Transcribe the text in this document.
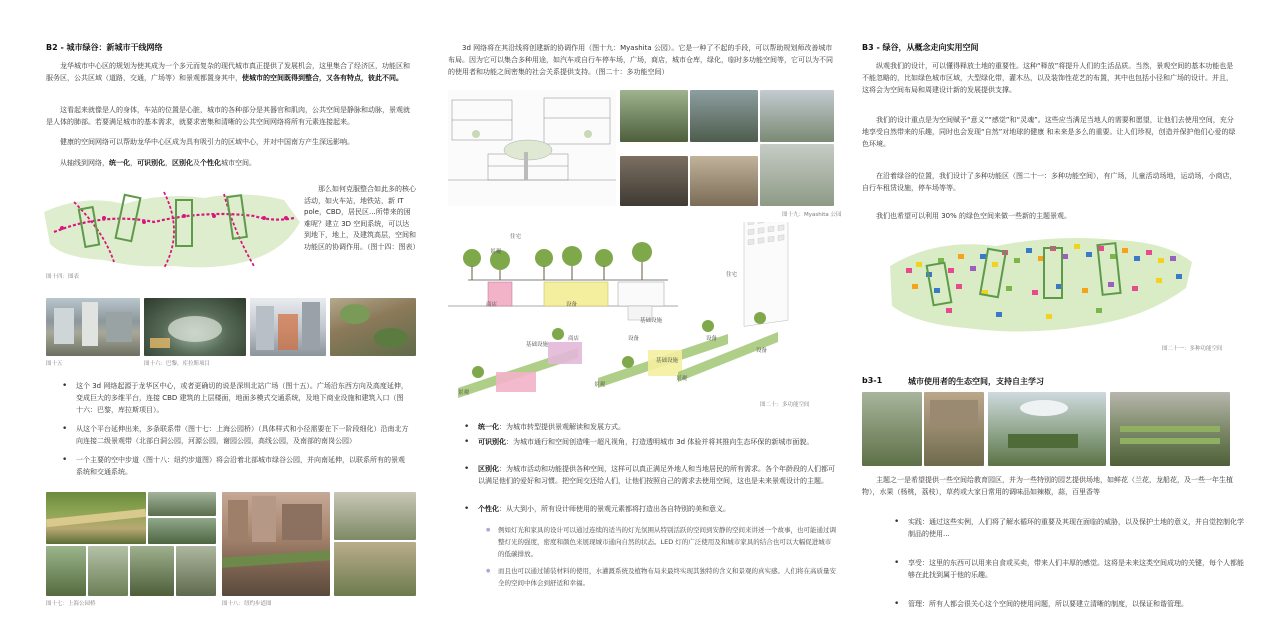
B2 - 城市绿谷：新城市干线网络
龙华城市中心区的规划为使其成为一个多元而复杂的现代城市真正提供了发展机会，这里集合了经济区，功能区和服务区，公共区域（道路，交通，广场等）和景观都置身其中，使城市的空间既得到整合，又各有特点，彼此不同。
这看起来就像是人的身体，车站的位置是心脏，城市的各种部分是其器官和肌肉，公共空间是静脉和动脉，景观就是人体的肺部。若要满足城市的基本需求，就要求密集和清晰的公共空间网络将所有元素连接起来。
健康的空间网络可以帮助龙华中心区成为具有吸引力的区域中心，并对中国南方产生深远影响。
从轴线到网络，统一化，可识别化，区别化及个性化城市空间。
图十四：图表
那么如何克服整合如此多的核心活动，如火车站，地铁站，新 IT pole，CBD，居民区...所带来的困难呢？建立 3D 空间系统，可以达到地下，地上，及建筑高层，空间和功能区的协调作用。（图十四：图表）
图十五	图十六：巴黎，库拉斯项目
• 这个 3d 网络起源于龙华区中心，或者更确切的说是深圳北站广场（图十五）。广场沿东西方向及高度延伸，变成巨大的多维平台，连接 CBD 建筑的上层楼面，地面多模式交通系统，及地下商业设施和建筑入口（图十六：巴黎，库拉斯项目）。
• 从这个平台延伸出来，多条联系带（图十七：上海公园桥）（具体样式和小径需要在下一阶段细化）沿南北方向连接二级景观带（北部白洞公园，河源公园，谢园公园，高线公园，及南部的南岗公园）
• 一个主要的空中步道（图十八：纽约步道图）将会沿着北部城市绿谷公园，并向南延伸，以联系所有的景观系统和交通系统。
图十七：上海公园桥	图十八：纽约步道图
3d 网络将在其沿线将创建新的协调作用（图十九：Myashita 公园）。它是一种了不起的手段，可以帮助规划师改善城市布局。因为它可以集合多种用途，如汽车或自行车停车场，广场，商店，城市仓库，绿化，临时多功能空间等，它可以为不同的使用者和功能之间密集的社会关系提供支持。（图二十：多功能空间）
图十九：Myashita 公园
住宅
景观
商店	设备
基础设施
住宅
商店	设备
基础设施
设备
基础设施
设备
景观
景观
景观
图二十：多功能空间
• 统一化：为城市转型提供景观解读和发展方式。
• 可识别化：为城市通行和空间创造唯一超凡视角，打造透明城市 3d 体验并将其推向生态环保的新城市面貌。
• 区别化：为城市活动和功能提供各种空间，这样可以真正满足外地人和当地居民的所有需求。各个年龄段的人们都可以满足他们的爱好和习惯。把空间交还给人们，让他们按照自己的需求去使用空间，这也是未来景观设计的主题。
• 个性化：从大到小，所有设计师使用的景观元素都将打造出各自特别的美和意义。
● 例如灯光和家具的设计可以通过连续的适当的灯光氛围从特别活跃的空间到安静的空间来讲述一个故事，也可能通过调整灯光的强度，密度和颜色来展现城市通向自然的状态。LED 灯的广泛使用及和城市家具的结合也可以大幅促进城市的低碳排放。
● 而且也可以通过铺装材料的使用，水灌溉系统及植物布局来最终实现其独特的含义和景观的真实感。人们将在高质量安全的空间中体会到舒适和幸福。
B3 - 绿谷，从概念走向实用空间
纵观我们的设计，可以懂得释放土地的重要性。这种“释放”将提升人们的生活品质。当然，景观空间的基本功能也是不能忽略的，比如绿色城市区域，大型绿化带，灌木丛，以及装饰性花艺的布置，其中也包括小径和广场的设计。并且，这将会为空间布局和周建设计新的发展提供支撑。
我们的设计重点是为空间赋予“意义”“感觉”和“灵魂”。这些应当满足当地人的需要和愿望，让他们去使用空间，充分地享受自然带来的乐趣，同时也会发现“自然”对地球的健康 和未来是多么的重要。让人们珍视，创造并保护他们心爱的绿色环境。
在沿着绿谷的位置，我们设计了多种功能区（图二十一：多种功能空间），有广场，儿童活动场地，运动场，小商店，自行车租赁设施，停车场等等。
我们也希望可以利用 30% 的绿色空间来做一些新的主题景观。
图二十一：多种功能空间
b3-1	城市使用者的生态空间，支持自主学习
主题之一是希望提供一些空间给教育园区，并为一些特别的园艺提供场地，如鲜花（兰花，龙船花，及一些一年生植物），水果（杨桃，荔枝），草药或大家日常用的调味品如辣椒，蒜，百里香等
• 实践：通过这些实例，人们将了解水循环的重要及其现在面临的威胁，以及保护土地的意义，并自觉控制化学制品的使用...
• 享受：这里的东西可以用来自食或买卖，带来人们丰厚的感觉。这将是未来这类空间成功的关键，每个人都能够在此找到属于他的乐趣。
• 管理：所有人都会很关心这个空间的使用问题，所以要建立清晰的制度，以保证和谐管理。
